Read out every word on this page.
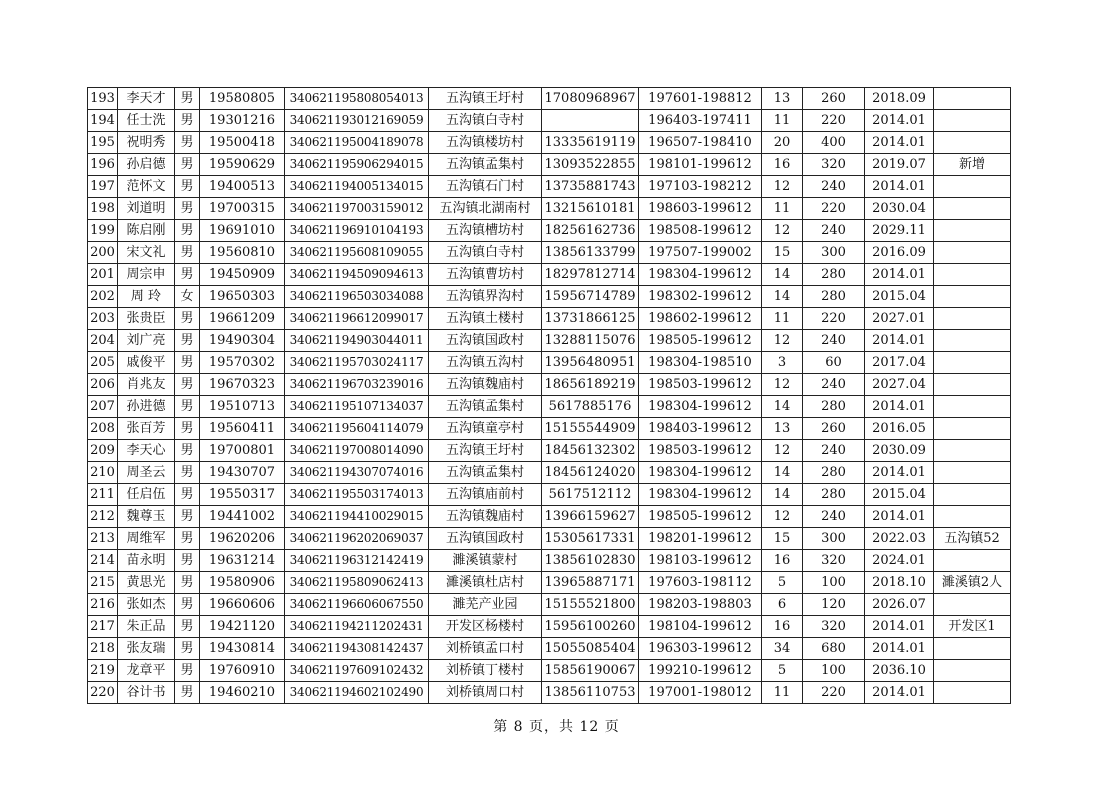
193	李天才	男	19580805	340621195808054013	五沟镇王圩村	17080968967	197601-198812	13	260	2018.09	
194	任士洗	男	19301216	340621193012169059	五沟镇白寺村		196403-197411	11	220	2014.01	
195	祝明秀	男	19500418	340621195004189078	五沟镇楼坊村	13335619119	196507-198410	20	400	2014.01	
196	孙启德	男	19590629	340621195906294015	五沟镇孟集村	13093522855	198101-199612	16	320	2019.07	新增
197	范怀文	男	19400513	340621194005134015	五沟镇石门村	13735881743	197103-198212	12	240	2014.01	
198	刘道明	男	19700315	340621197003159012	五沟镇北湖南村	13215610181	198603-199612	11	220	2030.04	
199	陈启刚	男	19691010	340621196910104193	五沟镇槽坊村	18256162736	198508-199612	12	240	2029.11	
200	宋文礼	男	19560810	340621195608109055	五沟镇白寺村	13856133799	197507-199002	15	300	2016.09	
201	周宗申	男	19450909	340621194509094613	五沟镇曹坊村	18297812714	198304-199612	14	280	2014.01	
202	周 玲	女	19650303	340621196503034088	五沟镇界沟村	15956714789	198302-199612	14	280	2015.04	
203	张贵臣	男	19661209	340621196612099017	五沟镇土楼村	13731866125	198602-199612	11	220	2027.01	
204	刘广亮	男	19490304	340621194903044011	五沟镇国政村	13288115076	198505-199612	12	240	2014.01	
205	戚俊平	男	19570302	340621195703024117	五沟镇五沟村	13956480951	198304-198510	3	60	2017.04	
206	肖兆友	男	19670323	340621196703239016	五沟镇魏庙村	18656189219	198503-199612	12	240	2027.04	
207	孙进德	男	19510713	340621195107134037	五沟镇孟集村	5617885176	198304-199612	14	280	2014.01	
208	张百芳	男	19560411	340621195604114079	五沟镇童亭村	15155544909	198403-199612	13	260	2016.05	
209	李天心	男	19700801	340621197008014090	五沟镇王圩村	18456132302	198503-199612	12	240	2030.09	
210	周圣云	男	19430707	340621194307074016	五沟镇孟集村	18456124020	198304-199612	14	280	2014.01	
211	任启伍	男	19550317	340621195503174013	五沟镇庙前村	5617512112	198304-199612	14	280	2015.04	
212	魏尊玉	男	19441002	340621194410029015	五沟镇魏庙村	13966159627	198505-199612	12	240	2014.01	
213	周维军	男	19620206	340621196202069037	五沟镇国政村	15305617331	198201-199612	15	300	2022.03	五沟镇52
214	苗永明	男	19631214	340621196312142419	濉溪镇蒙村	13856102830	198103-199612	16	320	2024.01	
215	黄思光	男	19580906	340621195809062413	濉溪镇杜店村	13965887171	197603-198112	5	100	2018.10	濉溪镇2人
216	张如杰	男	19660606	340621196606067550	濉芜产业园	15155521800	198203-198803	6	120	2026.07	
217	朱正品	男	19421120	340621194211202431	开发区杨楼村	15956100260	198104-199612	16	320	2014.01	开发区1
218	张友瑞	男	19430814	340621194308142437	刘桥镇孟口村	15055085404	196303-199612	34	680	2014.01	
219	龙章平	男	19760910	340621197609102432	刘桥镇丁楼村	15856190067	199210-199612	5	100	2036.10	
220	谷计书	男	19460210	340621194602102490	刘桥镇周口村	13856110753	197001-198012	11	220	2014.01	
第 8 页，共 12 页
